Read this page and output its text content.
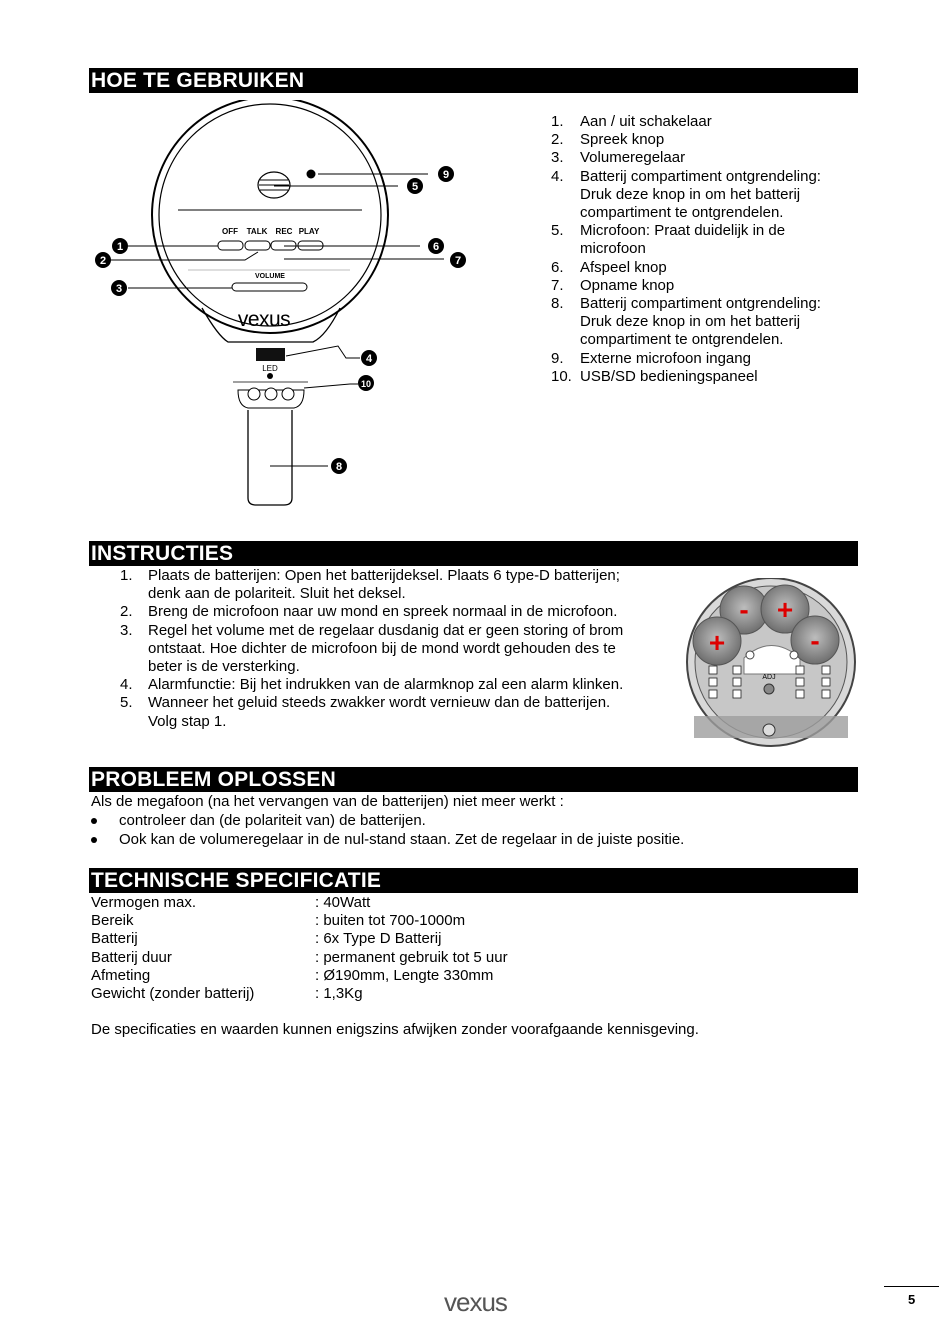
HOE TE GEBRUIKEN
OFF TALK REC PLAY
VOLUME
vexus
LED
1
2
3
4
5
6
7
8
9
10
1. Aan / uit schakelaar
2. Spreek knop
3. Volumeregelaar
4. Batterij compartiment ontgrendeling:
Druk deze knop in om het batterij
compartiment te ontgrendelen.
5. Microfoon: Praat duidelijk in de
microfoon
6. Afspeel knop
7. Opname knop
8. Batterij compartiment ontgrendeling:
Druk deze knop in om het batterij
compartiment te ontgrendelen.
9. Externe microfoon ingang
10. USB/SD bedieningspaneel
INSTRUCTIES
1. Plaats de batterijen: Open het batterijdeksel. Plaats 6 type-D batterijen;
denk aan de polariteit. Sluit het deksel.
2. Breng de microfoon naar uw mond en spreek normaal in de microfoon.
3. Regel het volume met de regelaar dusdanig dat er geen storing of brom
ontstaat. Hoe dichter de microfoon bij de mond wordt gehouden des te
beter is de versterking.
4. Alarmfunctie: Bij het indrukken van de alarmknop zal een alarm klinken.
5. Wanneer het geluid steeds zwakker wordt vernieuw dan de batterijen.
Volg stap 1.
- +
+	-
ADJ
PROBLEEM OPLOSSEN
Als de megafoon (na het vervangen van de batterijen) niet meer werkt :
controleer dan (de polariteit van) de batterijen.
Ook kan de volumeregelaar in de nul-stand staan. Zet de regelaar in de juiste positie.
TECHNISCHE SPECIFICATIE
Vermogen max.	: 40Watt
Bereik	: buiten tot 700-1000m
Batterij	: 6x Type D Batterij
Batterij duur	: permanent gebruik tot 5 uur
Afmeting	: Ø190mm, Lengte 330mm
Gewicht (zonder batterij)	: 1,3Kg
De specificaties en waarden kunnen enigszins afwijken zonder voorafgaande kennisgeving.
vexus	5
